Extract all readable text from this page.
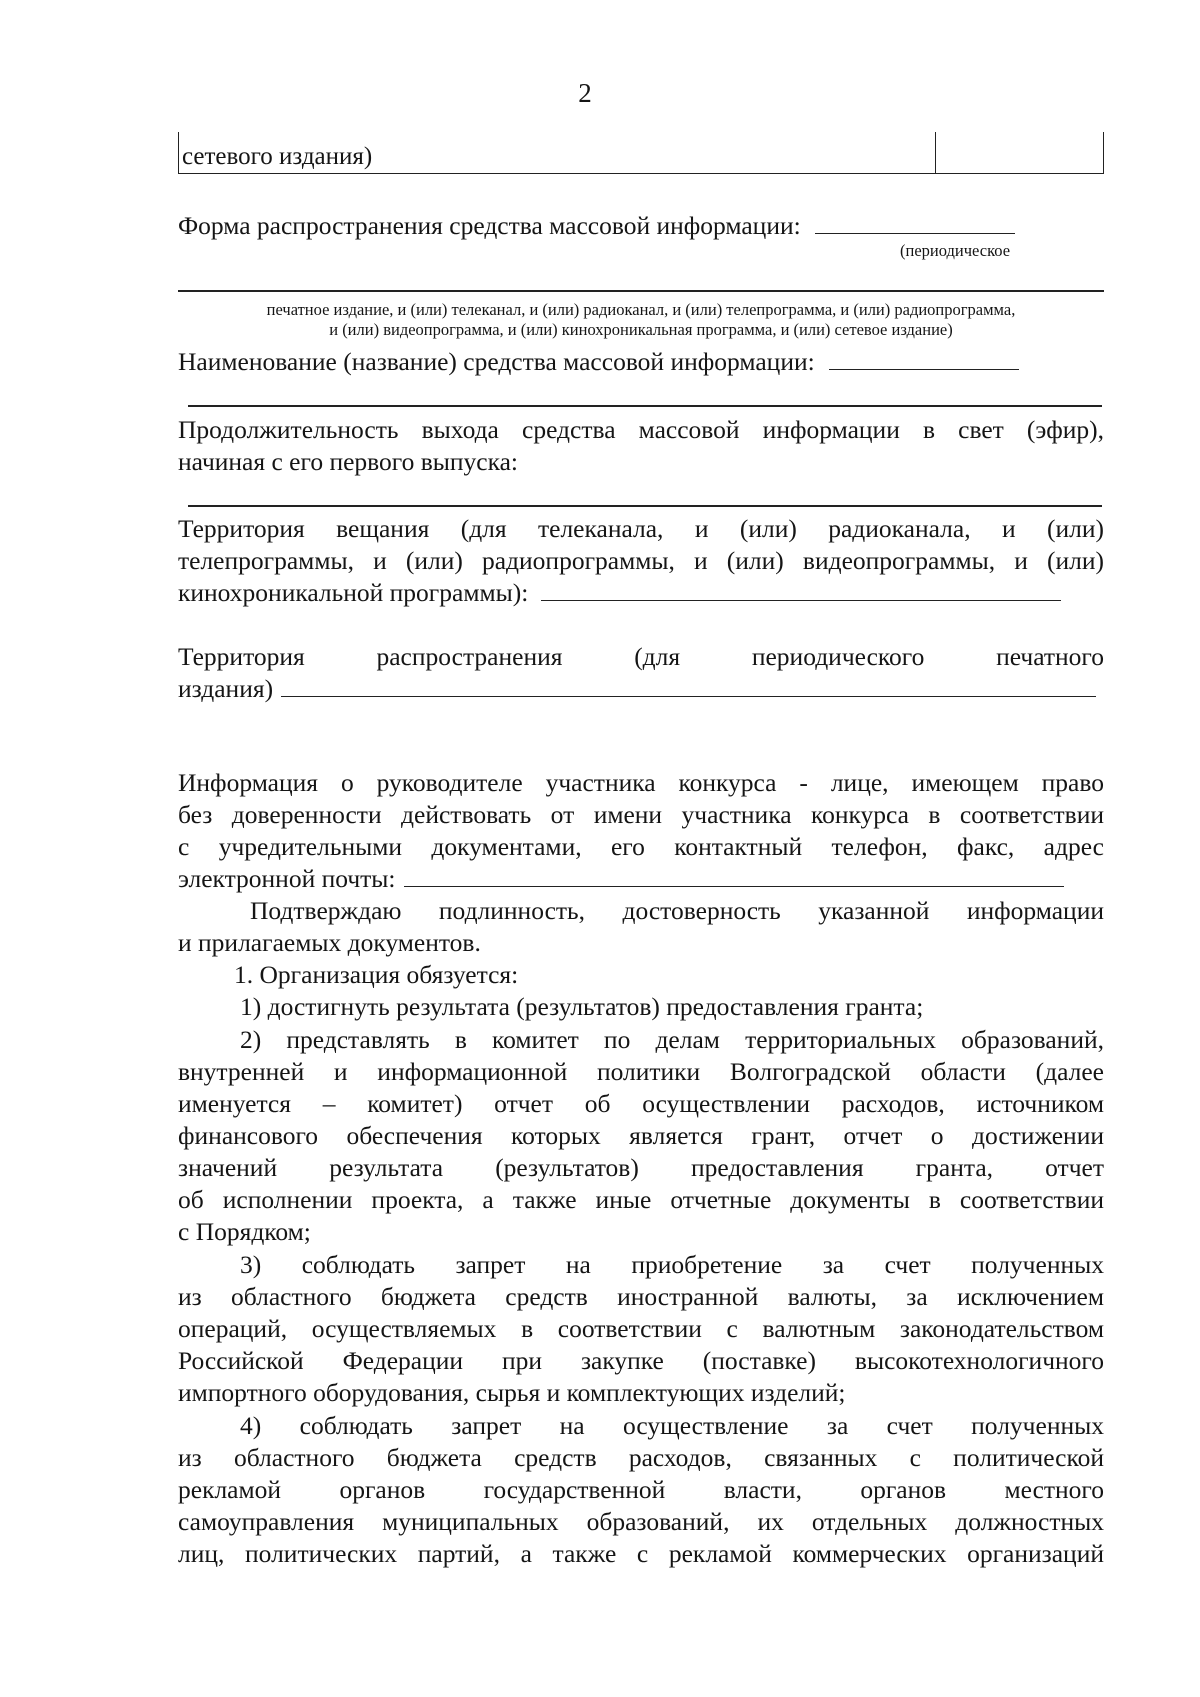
2
сетевого издания)
Форма распространения средства массовой информации:
(периодическое
печатное издание, и (или) телеканал, и (или) радиоканал, и (или) телепрограмма, и (или) радиопрограмма,
и (или) видеопрограмма, и (или) кинохроникальная программа, и (или) сетевое издание)
Наименование (название) средства массовой информации:
Продолжительность выхода средства массовой информации в свет (эфир),
начиная с его первого выпуска:
Территория вещания (для телеканала, и (или) радиоканала, и (или)
телепрограммы, и (или) радиопрограммы, и (или) видеопрограммы, и (или)
кинохроникальной программы):
Территория распространения (для периодического печатного
издания)
Информация о руководителе участника конкурса - лице, имеющем право
без доверенности действовать от имени участника конкурса в соответствии
с учредительными документами, его контактный телефон, факс, адрес
электронной почты:
Подтверждаю подлинность, достоверность указанной информации
и прилагаемых документов.
1. Организация обязуется:
1) достигнуть результата (результатов) предоставления гранта;
2) представлять в комитет по делам территориальных образований,
внутренней и информационной политики Волгоградской области (далее
именуется – комитет) отчет об осуществлении расходов, источником
финансового обеспечения которых является грант, отчет о достижении
значений результата (результатов) предоставления гранта, отчет
об исполнении проекта, а также иные отчетные документы в соответствии
с Порядком;
3) соблюдать запрет на приобретение за счет полученных
из областного бюджета средств иностранной валюты, за исключением
операций, осуществляемых в соответствии с валютным законодательством
Российской Федерации при закупке (поставке) высокотехнологичного
импортного оборудования, сырья и комплектующих изделий;
4) соблюдать запрет на осуществление за счет полученных
из областного бюджета средств расходов, связанных с политической
рекламой органов государственной власти, органов местного
самоуправления муниципальных образований, их отдельных должностных
лиц, политических партий, а также с рекламой коммерческих организаций
